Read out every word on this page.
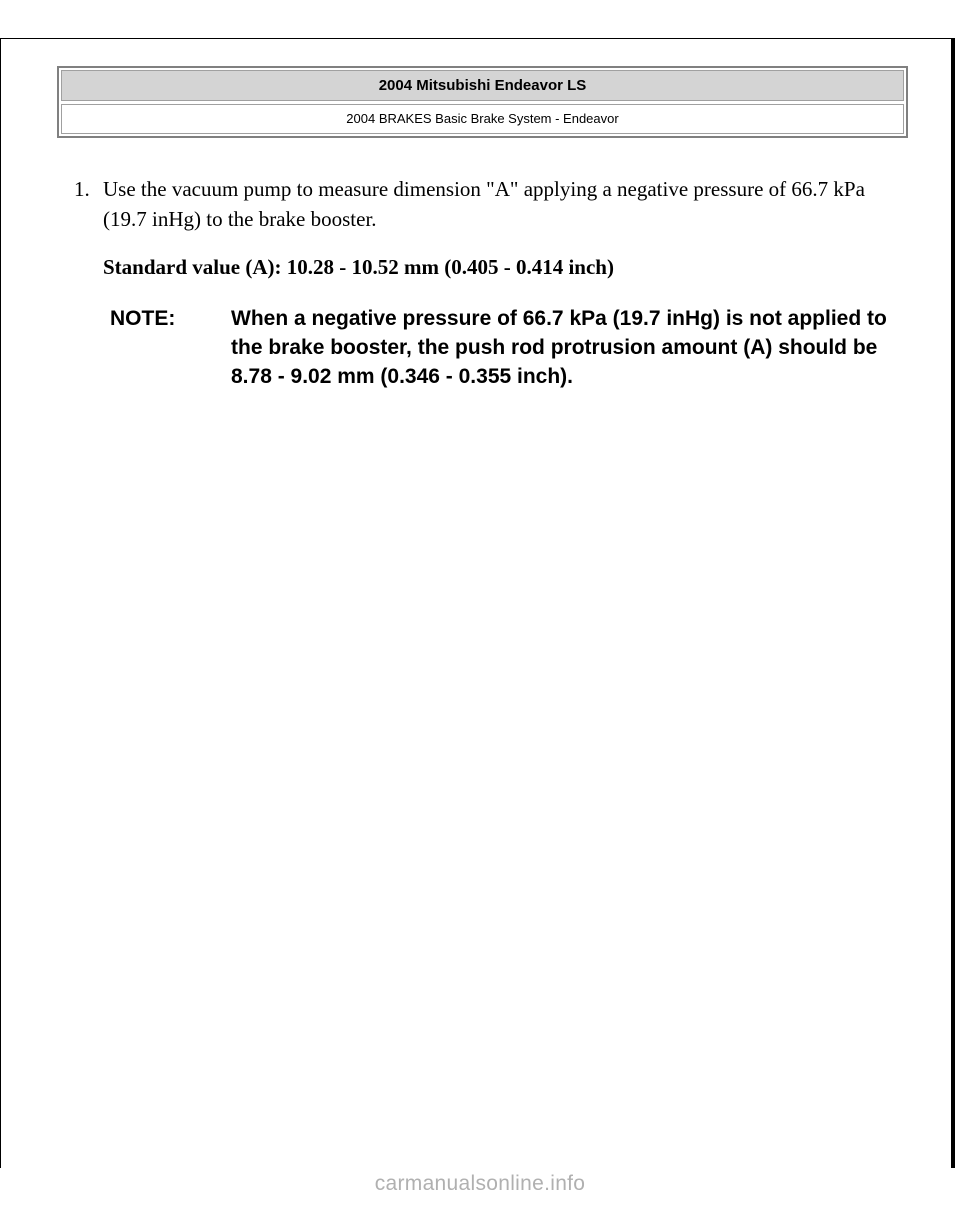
2004 Mitsubishi Endeavor LS
2004 BRAKES Basic Brake System - Endeavor
1. Use the vacuum pump to measure dimension "A" applying a negative pressure of 66.7 kPa (19.7 inHg) to the brake booster.
Standard value (A): 10.28 - 10.52 mm (0.405 - 0.414 inch)
NOTE:	When a negative pressure of 66.7 kPa (19.7 inHg) is not applied to the brake booster, the push rod protrusion amount (A) should be 8.78 - 9.02 mm (0.346 - 0.355 inch).
carmanualsonline.info
